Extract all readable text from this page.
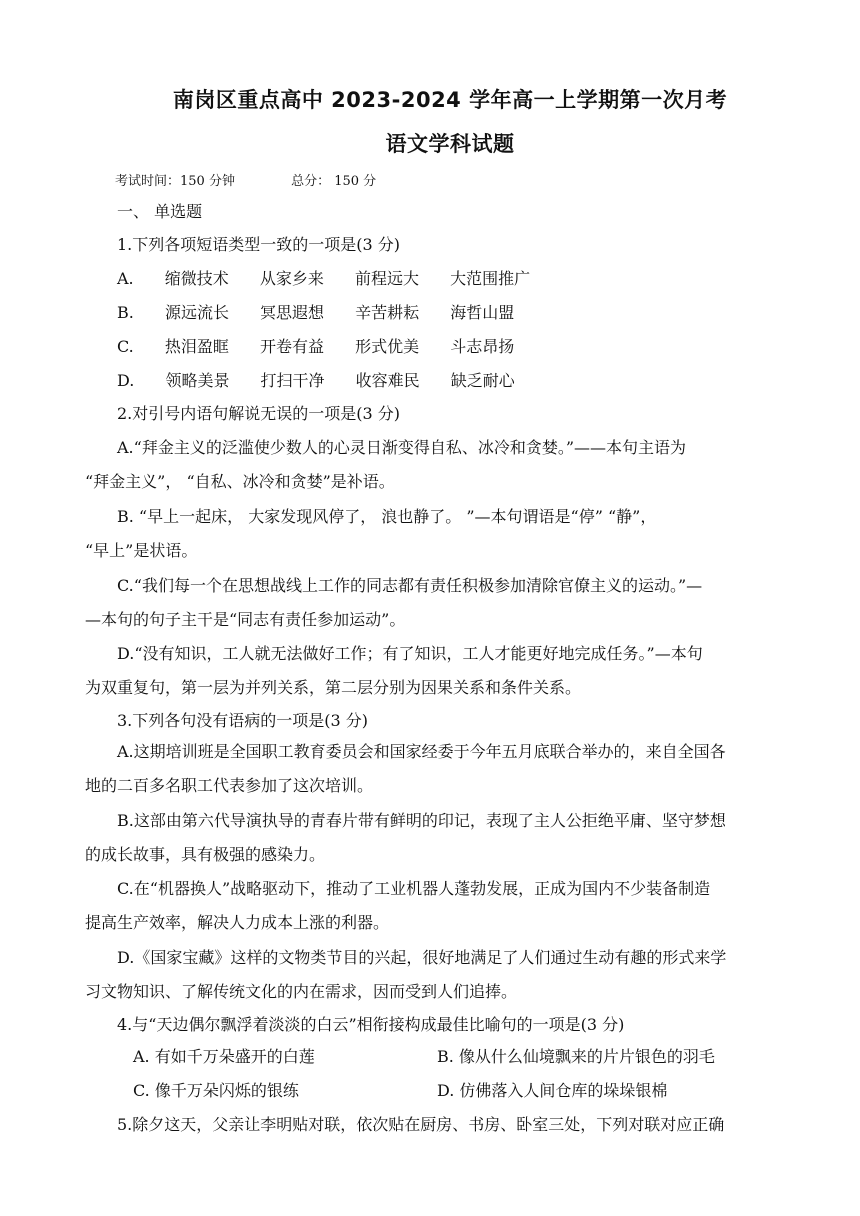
南岗区重点高中 2023-2024 学年高一上学期第一次月考
语文学科试题
考试时间：150 分钟	总分： 150 分
一、 单选题
1.下列各项短语类型一致的一项是(3 分)
A. 缩微技术 从家乡来 前程远大 大范围推广
B. 源远流长 冥思遐想 辛苦耕耘 海哲山盟
C. 热泪盈眶 开卷有益 形式优美 斗志昂扬
D. 领略美景 打扫干净 收容难民 缺乏耐心
2.对引号内语句解说无误的一项是(3 分)
A.“拜金主义的泛滥使少数人的心灵日渐变得自私、冰冷和贪婪。”——本句主语为
“拜金主义”， “自私、冰冷和贪婪”是补语。
B. “早上一起床， 大家发现风停了， 浪也静了。 ”—本句谓语是“停” “静”，
“早上”是状语。
C.“我们每一个在思想战线上工作的同志都有责任积极参加清除官僚主义的运动。”—
—本句的句子主干是“同志有责任参加运动”。
D.“没有知识，工人就无法做好工作；有了知识，工人才能更好地完成任务。”—本句
为双重复句，第一层为并列关系，第二层分别为因果关系和条件关系。
3.下列各句没有语病的一项是(3 分)
A.这期培训班是全国职工教育委员会和国家经委于今年五月底联合举办的，来自全国各
地的二百多名职工代表参加了这次培训。
B.这部由第六代导演执导的青春片带有鲜明的印记，表现了主人公拒绝平庸、坚守梦想
的成长故事，具有极强的感染力。
C.在“机器换人”战略驱动下，推动了工业机器人蓬勃发展，正成为国内不少装备制造
提高生产效率，解决人力成本上涨的利器。
D.《国家宝藏》这样的文物类节目的兴起，很好地满足了人们通过生动有趣的形式来学
习文物知识、了解传统文化的内在需求，因而受到人们追捧。
4.与“天边偶尔飘浮着淡淡的白云”相衔接构成最佳比喻句的一项是(3 分)
A. 有如千万朵盛开的白莲	B. 像从什么仙境飘来的片片银色的羽毛
C. 像千万朵闪烁的银练	D. 仿佛落入人间仓库的垛垛银棉
5.除夕这天，父亲让李明贴对联，依次贴在厨房、书房、卧室三处，下列对联对应正确
